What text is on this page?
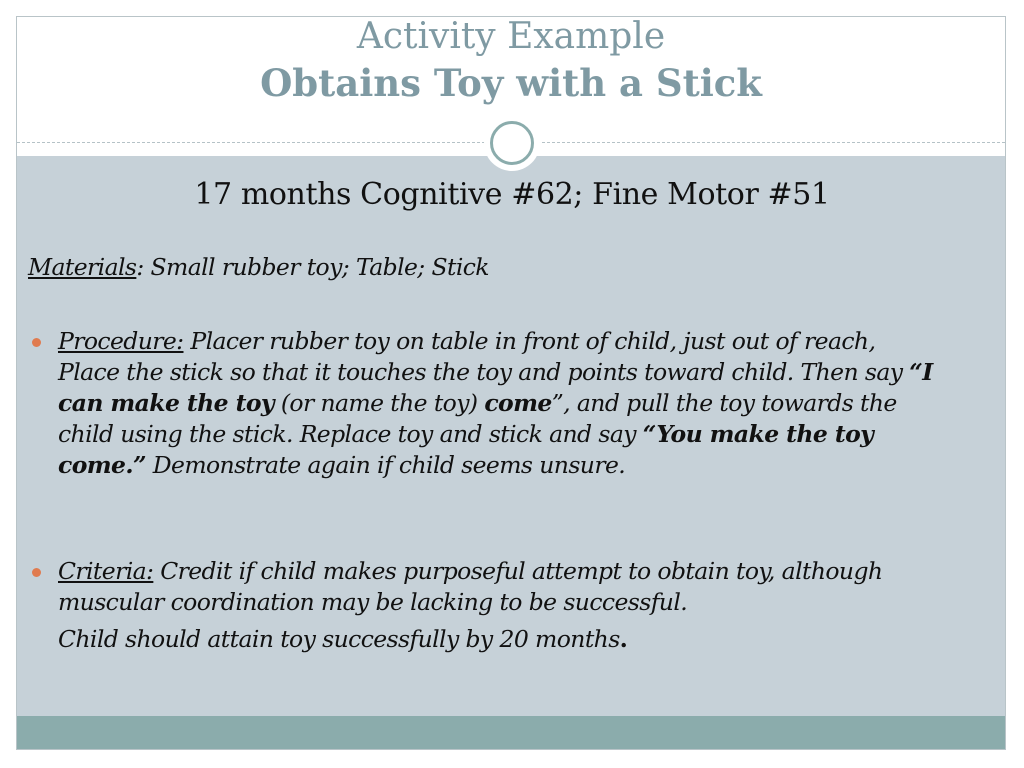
Activity Example
Obtains Toy with a Stick
17 months Cognitive #62; Fine Motor #51
Materials: Small rubber toy; Table; Stick
Procedure: Placer rubber toy on table in front of child, just out of reach, Place the stick so that it touches the toy and points toward child. Then say “I can make the toy (or name the toy) come”, and pull the toy towards the child using the stick. Replace toy and stick and say “You make the toy come.” Demonstrate again if child seems unsure.
Criteria: Credit if child makes purposeful attempt to obtain toy, although muscular coordination may be lacking to be successful.
Child should attain toy successfully by 20 months.
